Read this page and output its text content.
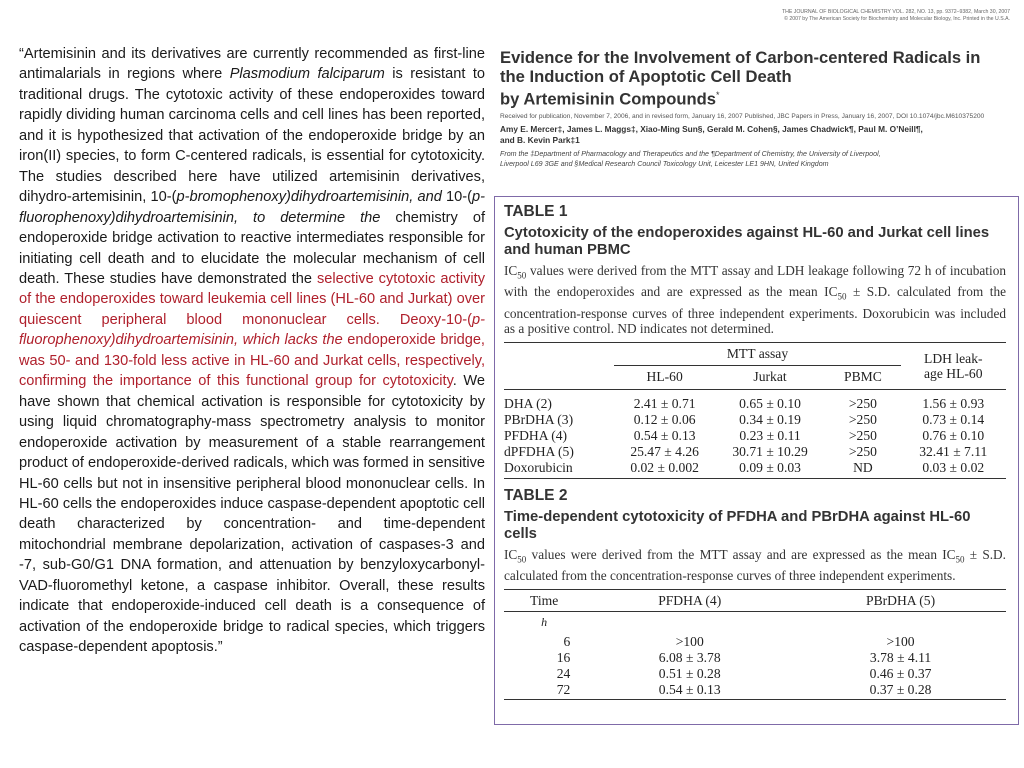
THE JOURNAL OF BIOLOGICAL CHEMISTRY VOL. 282, NO. 13, pp. 9372–9382, March 30, 2007
© 2007 by The American Society for Biochemistry and Molecular Biology, Inc. Printed in the U.S.A.
“Artemisinin and its derivatives are currently recommended as first-line antimalarials in regions where Plasmodium falciparum is resistant to traditional drugs. The cytotoxic activity of these endoperoxides toward rapidly dividing human carcinoma cells and cell lines has been reported, and it is hypothesized that activation of the endoperoxide bridge by an iron(II) species, to form C-centered radicals, is essential for cytotoxicity. The studies described here have utilized artemisinin derivatives, dihydro-artemisinin, 10-(p-bromophenoxy)dihydroartemisinin, and 10-(p-fluorophenoxy)dihydroartemisinin, to determine the chemistry of endoperoxide bridge activation to reactive intermediates responsible for initiating cell death and to elucidate the molecular mechanism of cell death. These studies have demonstrated the selective cytotoxic activity of the endoperoxides toward leukemia cell lines (HL-60 and Jurkat) over quiescent peripheral blood mononuclear cells. Deoxy-10-(p-fluorophenoxy)dihydroartemisinin, which lacks the endoperoxide bridge, was 50- and 130-fold less active in HL-60 and Jurkat cells, respectively, confirming the importance of this functional group for cytotoxicity. We have shown that chemical activation is responsible for cytotoxicity by using liquid chromatography-mass spectrometry analysis to monitor endoperoxide activation by measurement of a stable rearrangement product of endoperoxide-derived radicals, which was formed in sensitive HL-60 cells but not in insensitive peripheral blood mononuclear cells. In HL-60 cells the endoperoxides induce caspase-dependent apoptotic cell death characterized by concentration- and time-dependent mitochondrial membrane depolarization, activation of caspases-3 and -7, sub-G0/G1 DNA formation, and attenuation by benzyloxycarbonyl-VAD-fluoromethyl ketone, a caspase inhibitor. Overall, these results indicate that endoperoxide-induced cell death is a consequence of activation of the endoperoxide bridge to radical species, which triggers caspase-dependent apoptosis.”
Evidence for the Involvement of Carbon-centered Radicals in
the Induction of Apoptotic Cell Death
by Artemisinin Compounds*
Received for publication, November 7, 2006, and in revised form, January 16, 2007 Published, JBC Papers in Press, January 16, 2007, DOI 10.1074/jbc.M610375200
Amy E. Mercer‡, James L. Maggs‡, Xiao-Ming Sun§, Gerald M. Cohen§, James Chadwick¶, Paul M. O’Neill¶,
and B. Kevin Park‡1
From the ‡Department of Pharmacology and Therapeutics and the ¶Department of Chemistry, the University of Liverpool,
Liverpool L69 3GE and §Medical Research Council Toxicology Unit, Leicester LE1 9HN, United Kingdom
TABLE 1
Cytotoxicity of the endoperoxides against HL-60 and Jurkat cell lines and human PBMC
$IC_{50}$ values were derived from the MTT assay and LDH leakage following 72 h of incubation with the endoperoxides and are expressed as the mean $IC_{50} \pm S.D$. calculated from the concentration-response curves of three independent experiments. Doxorubicin was included as a positive control. ND indicates not determined.
	MTT assay			LDH leak-
age HL-60

	HL-60	Jurkat	PBMC	

DHA (2)	2.41 ± 0.71	0.65 ± 0.10	>250	1.56 ± 0.93
PBrDHA (3)	0.12 ± 0.06	0.34 ± 0.19	>250	0.73 ± 0.14
PFDHA (4)	0.54 ± 0.13	0.23 ± 0.11	>250	0.76 ± 0.10
dPFDHA (5)	25.47 ± 4.26	30.71 ± 10.29	>250	32.41 ± 7.11
Doxorubicin	0.02 ± 0.002	0.09 ± 0.03	ND	0.03 ± 0.02
TABLE 2
Time-dependent cytotoxicity of PFDHA and PBrDHA against HL-60 cells
$IC_{50}$ values were derived from the MTT assay and are expressed as the mean $IC_{50} \pm S.D$. calculated from the concentration-response curves of three independent experiments.
Time	PFDHA (4)	PBrDHA (5)
h		
6	>100	>100
16	6.08 ± 3.78	3.78 ± 4.11
24	0.51 ± 0.28	0.46 ± 0.37
72	0.54 ± 0.13	0.37 ± 0.28
